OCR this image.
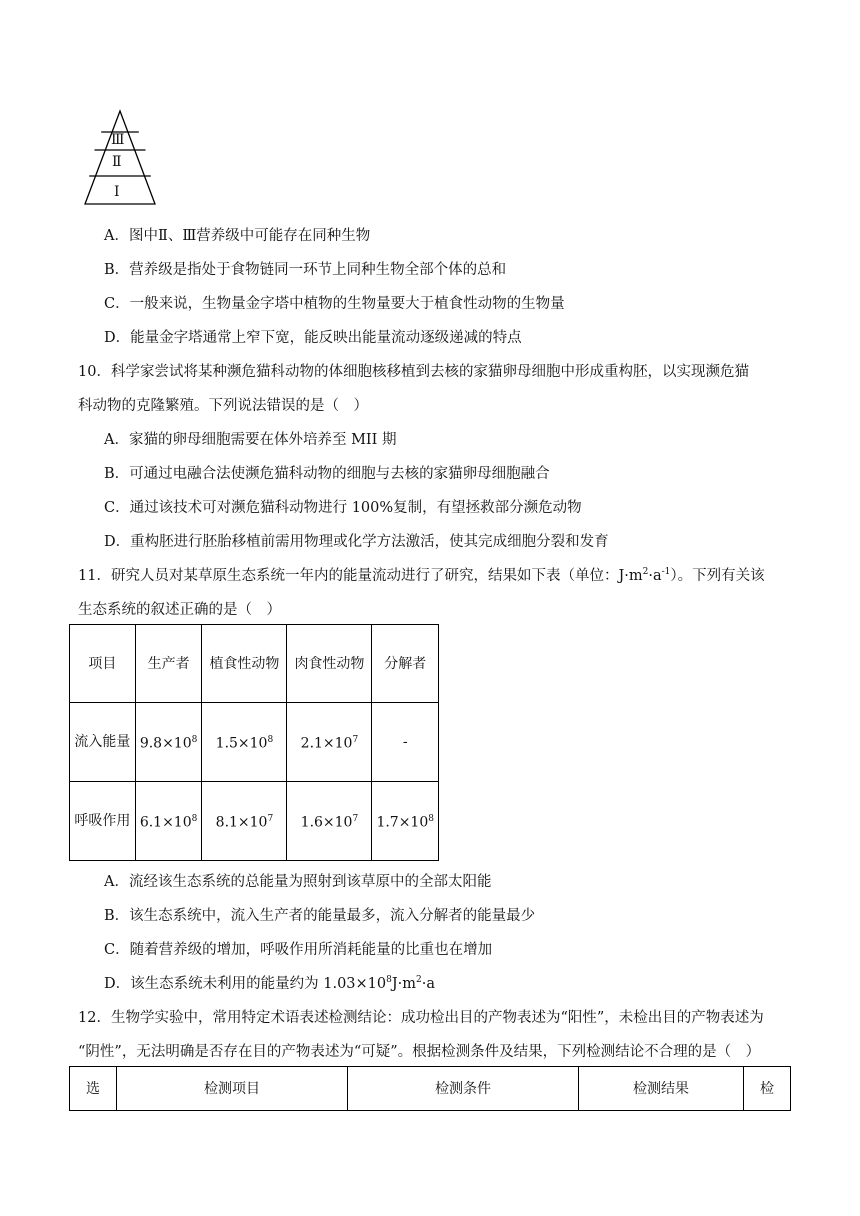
Ⅲ
Ⅱ
Ⅰ
A．图中Ⅱ、Ⅲ营养级中可能存在同种生物
B．营养级是指处于食物链同一环节上同种生物全部个体的总和
C．一般来说，生物量金字塔中植物的生物量要大于植食性动物的生物量
D．能量金字塔通常上窄下宽，能反映出能量流动逐级递减的特点
10．科学家尝试将某种濒危猫科动物的体细胞核移植到去核的家猫卵母细胞中形成重构胚，以实现濒危猫
科动物的克隆繁殖。下列说法错误的是（　）
A．家猫的卵母细胞需要在体外培养至 MII 期
B．可通过电融合法使濒危猫科动物的细胞与去核的家猫卵母细胞融合
C．通过该技术可对濒危猫科动物进行 100%复制，有望拯救部分濒危动物
D．重构胚进行胚胎移植前需用物理或化学方法激活，使其完成细胞分裂和发育
11．研究人员对某草原生态系统一年内的能量流动进行了研究，结果如下表（单位：$J\cdot m^2\cdot a^{-1}$）。下列有关该
生态系统的叙述正确的是（　）
项目	生产者	植食性动物	肉食性动物	分解者

流入能量	$9.8\times 10^8$	$1.5\times 10^8$	$2.1\times 10^7$	-

呼吸作用	$6.1\times 10^8$	$8.1\times 10^7$	$1.6\times 10^7$	$1.7\times 10^8$
A．流经该生态系统的总能量为照射到该草原中的全部太阳能
B．该生态系统中，流入生产者的能量最多，流入分解者的能量最少
C．随着营养级的增加，呼吸作用所消耗能量的比重也在增加
D．该生态系统未利用的能量约为 $1.03\times 10^8J\cdot m^2\cdot a$
12．生物学实验中，常用特定术语表述检测结论：成功检出目的产物表述为“阳性”，未检出目的产物表述为
“阴性”，无法明确是否存在目的产物表述为“可疑”。根据检测条件及结果，下列检测结论不合理的是（　）
选	检测项目	检测条件	检测结果	检
